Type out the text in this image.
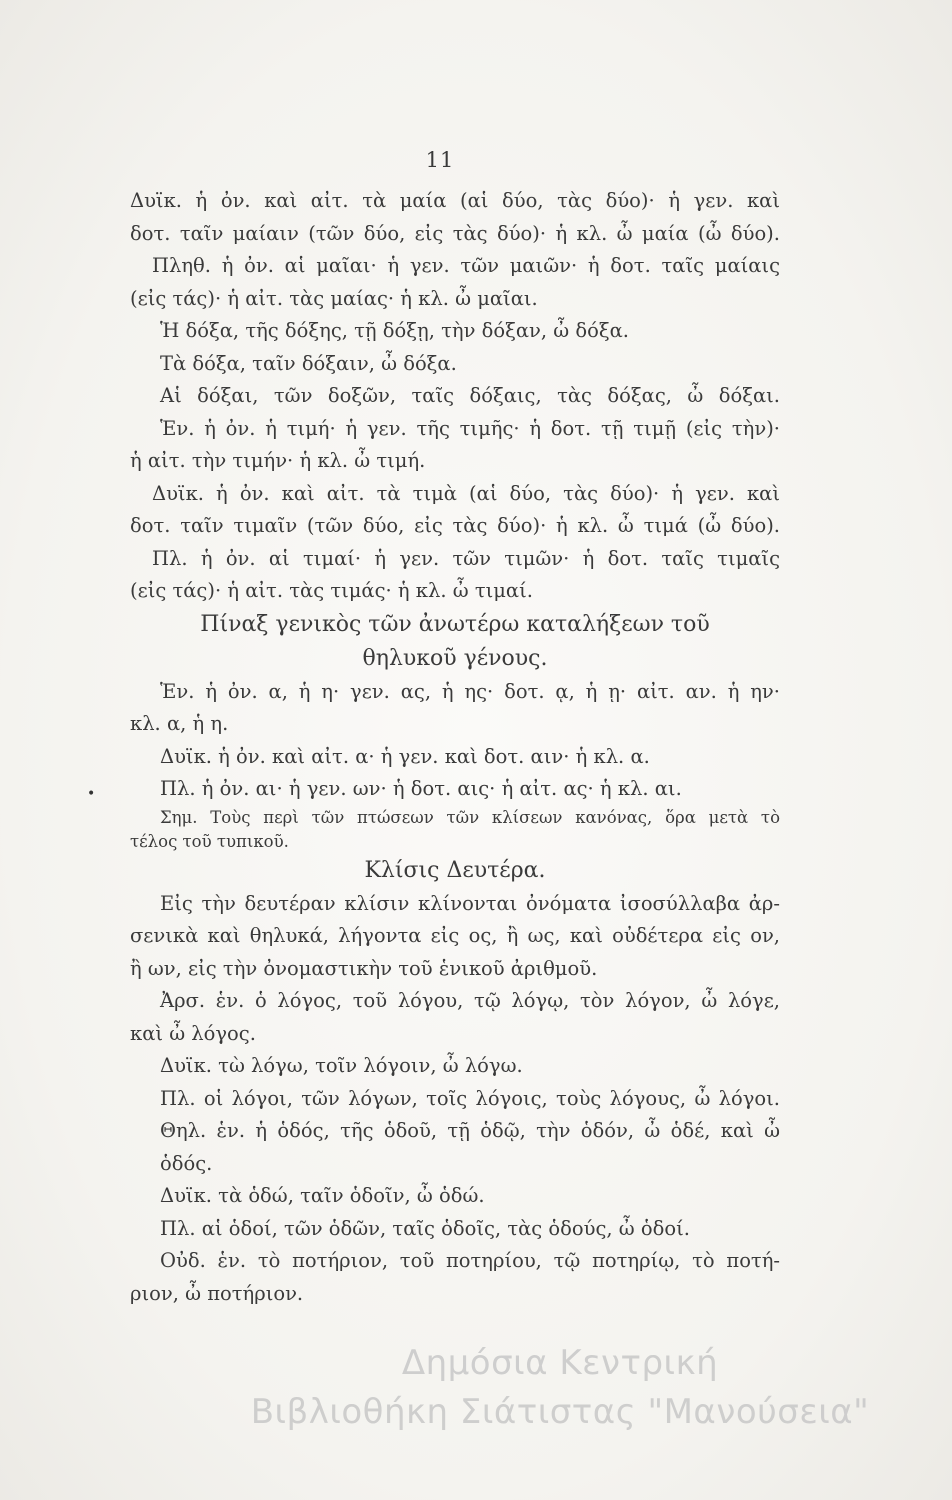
11
Δυϊκ. ἡ ὀν. καὶ αἰτ. τὰ μαία (αἱ δύο, τὰς δύο)· ἡ γεν. καὶ
δοτ. ταῖν μαίαιν (τῶν δύο, εἰς τὰς δύο)· ἡ κλ. ὦ μαία (ὦ δύο).
Πληθ. ἡ ὀν. αἱ μαῖαι· ἡ γεν. τῶν μαιῶν· ἡ δοτ. ταῖς μαίαις
(εἰς τάς)· ἡ αἰτ. τὰς μαίας· ἡ κλ. ὦ μαῖαι.
Ἡ δόξα, τῆς δόξης, τῇ δόξῃ, τὴν δόξαν, ὦ δόξα.
Τὰ δόξα, ταῖν δόξαιν, ὦ δόξα.
Αἱ δόξαι, τῶν δοξῶν, ταῖς δόξαις, τὰς δόξας, ὦ δόξαι.
Ἑν. ἡ ὀν. ἡ τιμή· ἡ γεν. τῆς τιμῆς· ἡ δοτ. τῇ τιμῇ (εἰς τὴν)·
ἡ αἰτ. τὴν τιμήν· ἡ κλ. ὦ τιμή.
Δυϊκ. ἡ ὀν. καὶ αἰτ. τὰ τιμὰ (αἱ δύο, τὰς δύο)· ἡ γεν. καὶ
δοτ. ταῖν τιμαῖν (τῶν δύο, εἰς τὰς δύο)· ἡ κλ. ὦ τιμά (ὦ δύο).
Πλ. ἡ ὀν. αἱ τιμαί· ἡ γεν. τῶν τιμῶν· ἡ δοτ. ταῖς τιμαῖς
(εἰς τάς)· ἡ αἰτ. τὰς τιμάς· ἡ κλ. ὦ τιμαί.
Πίναξ γενικὸς τῶν ἀνωτέρω καταλήξεων τοῦ
θηλυκοῦ γένους.
Ἑν. ἡ ὀν. α, ἡ η· γεν. ας, ἡ ης· δοτ. ᾳ, ἡ ῃ· αἰτ. αν. ἡ ην·
κλ. α, ἡ η.
Δυϊκ. ἡ ὀν. καὶ αἰτ. α· ἡ γεν. καὶ δοτ. αιν· ἡ κλ. α.
Πλ. ἡ ὀν. αι· ἡ γεν. ων· ἡ δοτ. αις· ἡ αἰτ. ας· ἡ κλ. αι.
Σημ. Τοὺς περὶ τῶν πτώσεων τῶν κλίσεων κανόνας, ὅρα μετὰ τὸ
τέλος τοῦ τυπικοῦ.
Κλίσις Δευτέρα.
Εἰς τὴν δευτέραν κλίσιν κλίνονται ὀνόματα ἰσοσύλλαβα ἀρ-
σενικὰ καὶ θηλυκά, λήγοντα εἰς ος, ἢ ως, καὶ οὐδέτερα εἰς ον,
ἢ ων, εἰς τὴν ὀνομαστικὴν τοῦ ἑνικοῦ ἀριθμοῦ.
Ἀρσ. ἑν. ὁ λόγος, τοῦ λόγου, τῷ λόγῳ, τὸν λόγον, ὦ λόγε,
καὶ ὦ λόγος.
Δυϊκ. τὼ λόγω, τοῖν λόγοιν, ὦ λόγω.
Πλ. οἱ λόγοι, τῶν λόγων, τοῖς λόγοις, τοὺς λόγους, ὦ λόγοι.
Θηλ. ἑν. ἡ ὁδός, τῆς ὁδοῦ, τῇ ὁδῷ, τὴν ὁδόν, ὦ ὁδέ, καὶ ὦ ὁδός.
Δυϊκ. τὰ ὁδώ, ταῖν ὁδοῖν, ὦ ὁδώ.
Πλ. αἱ ὁδοί, τῶν ὁδῶν, ταῖς ὁδοῖς, τὰς ὁδούς, ὦ ὁδοί.
Οὐδ. ἑν. τὸ ποτήριον, τοῦ ποτηρίου, τῷ ποτηρίῳ, τὸ ποτή-
ριον, ὦ ποτήριον.
•
Δημόσια Κεντρική
Βιβλιοθήκη Σιάτιστας "Μανούσεια"
